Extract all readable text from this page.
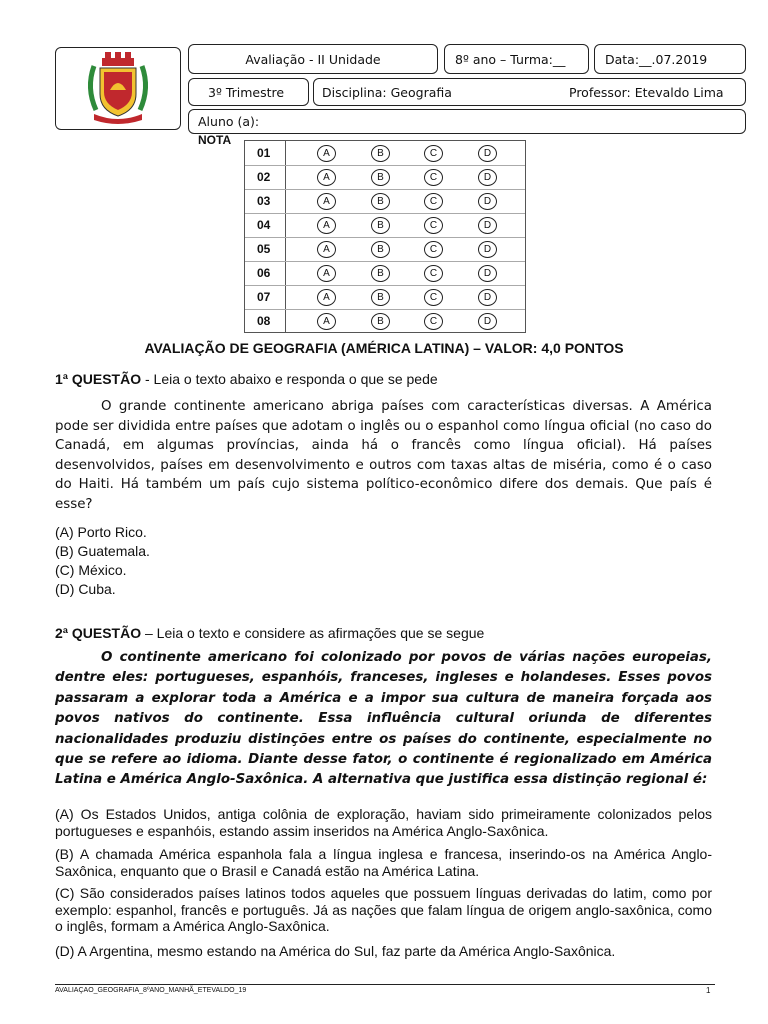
Avaliação - II Unidade	8º ano – Turma:__	Data:__.07.2019
3º Trimestre	Disciplina: Geografia	Professor: Etevaldo Lima
Aluno (a):
NOTA
01	A	B	C	D
02	A	B	C	D
03	A	B	C	D
04	A	B	C	D
05	A	B	C	D
06	A	B	C	D
07	A	B	C	D
08	A	B	C	D
AVALIAÇÃO DE GEOGRAFIA (AMÉRICA LATINA) – VALOR: 4,0 PONTOS
1ª QUESTÃO - Leia o texto abaixo e responda o que se pede

O grande continente americano abriga países com características diversas. A América pode ser dividida entre países que adotam o inglês ou o espanhol como língua oficial (no caso do Canadá, em algumas províncias, ainda há o francês como língua oficial). Há países desenvolvidos, países em desenvolvimento e outros com taxas altas de miséria, como é o caso do Haiti. Há também um país cujo sistema político-econômico difere dos demais. Que país é esse?

(A) Porto Rico.
(B) Guatemala.
(C) México.
(D) Cuba.
2ª QUESTÃO – Leia o texto e considere as afirmações que se segue

O continente americano foi colonizado por povos de várias nações europeias, dentre eles: portugueses, espanhóis, franceses, ingleses e holandeses. Esses povos passaram a explorar toda a América e a impor sua cultura de maneira forçada aos povos nativos do continente. Essa influência cultural oriunda de diferentes nacionalidades produziu distinções entre os países do continente, especialmente no que se refere ao idioma. Diante desse fator, o continente é regionalizado em América Latina e América Anglo-Saxônica. A alternativa que justifica essa distinção regional é:

(A) Os Estados Unidos, antiga colônia de exploração, haviam sido primeiramente colonizados pelos portugueses e espanhóis, estando assim inseridos na América Anglo-Saxônica.
(B) A chamada América espanhola fala a língua inglesa e francesa, inserindo-os na América Anglo-Saxônica, enquanto que o Brasil e Canadá estão na América Latina.
(C) São considerados países latinos todos aqueles que possuem línguas derivadas do latim, como por exemplo: espanhol, francês e português. Já as nações que falam língua de origem anglo-saxônica, como o inglês, formam a América Anglo-Saxônica.
(D) A Argentina, mesmo estando na América do Sul, faz parte da América Anglo-Saxônica.
AVALIAÇAO_GEOGRAFIA_8ºANO_MANHÃ_ETEVALDO_19	1
